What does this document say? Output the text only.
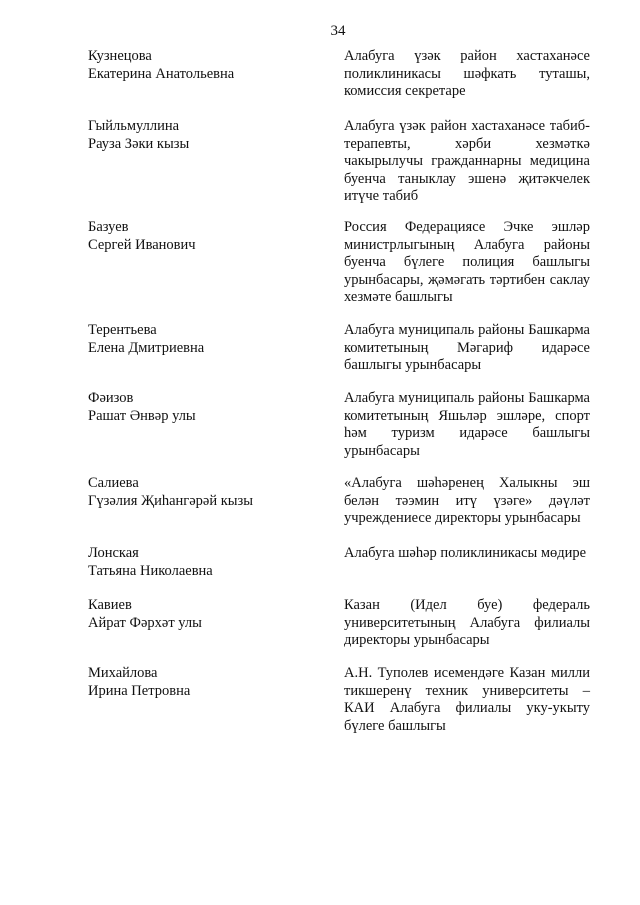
34
Кузнецова
Екатерина Анатольевна
Алабуга үзәк район хастаханәсе поликлиникасы шәфкать туташы, комиссия секретаре
Гыйльмуллина
Рауза Зәки кызы
Алабуга үзәк район хастаханәсе табиб-терапевты, хәрби хезмәткә чакырылучы гражданнарны медицина буенча таныклау эшенә җитәкчелек итүче табиб
Базуев
Сергей Иванович
Россия Федерациясе Эчке эшләр министрлыгының Алабуга районы буенча бүлеге полиция башлыгы урынбасары, җәмәгать тәртибен саклау хезмәте башлыгы
Терентьева
Елена Дмитриевна
Алабуга муниципаль районы Башкарма комитетының Мәгариф идарәсе башлыгы урынбасары
Фәизов
Рашат Әнвәр улы
Алабуга муниципаль районы Башкарма комитетының Яшьләр эшләре, спорт һәм туризм идарәсе башлыгы урынбасары
Салиева
Гүзәлия Җиһангәрәй кызы
«Алабуга шәһәренең Халыкны эш белән тәэмин итү үзәге» дәүләт учреждениесе директоры урынбасары
Лонская
Татьяна Николаевна
Алабуга шәһәр поликлиникасы мөдире
Кавиев
Айрат Фәрхәт улы
Казан (Идел буе) федераль университетының Алабуга филиалы директоры урынбасары
Михайлова
Ирина Петровна
А.Н. Туполев исемендәге Казан милли тикшеренү техник университеты – КАИ Алабуга филиалы уку-укыту бүлеге башлыгы
